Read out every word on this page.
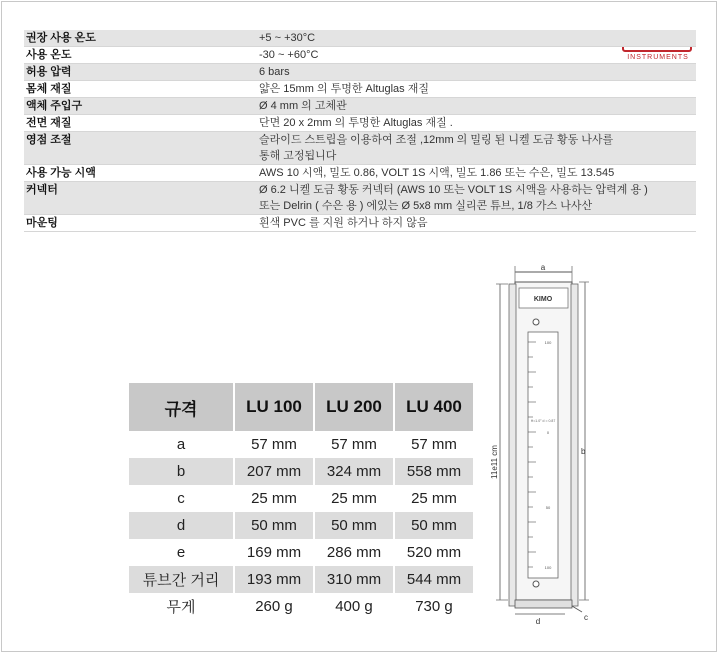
INSTRUMENTS
권장 사용 온도	+5 ~ +30°C
사용 온도	-30 ~ +60°C
허용 압력	6 bars
몸체 재질	얇은 15mm 의 투명한 Altuglas 재질
액체 주입구	Ø 4 mm 의 고체관
전면 재질	단면 20 x 2mm 의 투명한 Altuglas 재질 .
영점 조절	슬라이드 스트립을 이용하여 조절 ,12mm 의 밀링 된 니켈 도금 황동 나사를
통해 고정됩니다
사용 가능 시액	AWS 10 시액, 밀도 0.86, VOLT 1S 시액, 밀도 1.86 또는 수은, 밀도 13.545
커넥터	Ø 6.2 니켈 도금 황동 커넥터 (AWS 10 또는 VOLT 1S 시액을 사용하는 압력계 용 )
또는 Delrin ( 수은 용 ) 에있는 Ø 5x8 mm 실리콘 튜브, 1/8 가스 나사산
마운팅	흰색 PVC 를 지원 하거나 하지 않음
규격	LU 100	LU 200	LU 400
a	57 mm	57 mm	57 mm
b	207 mm	324 mm	558 mm
c	25 mm	25 mm	25 mm
d	50 mm	50 mm	50 mm
e	169 mm	286 mm	520 mm
튜브간 거리	193 mm	310 mm	544 mm
무게	260 g	400 g	730 g
a
KIMO
100
0
50
100
H=1.0° d = 0.87
11e11 cm	b
d	c
